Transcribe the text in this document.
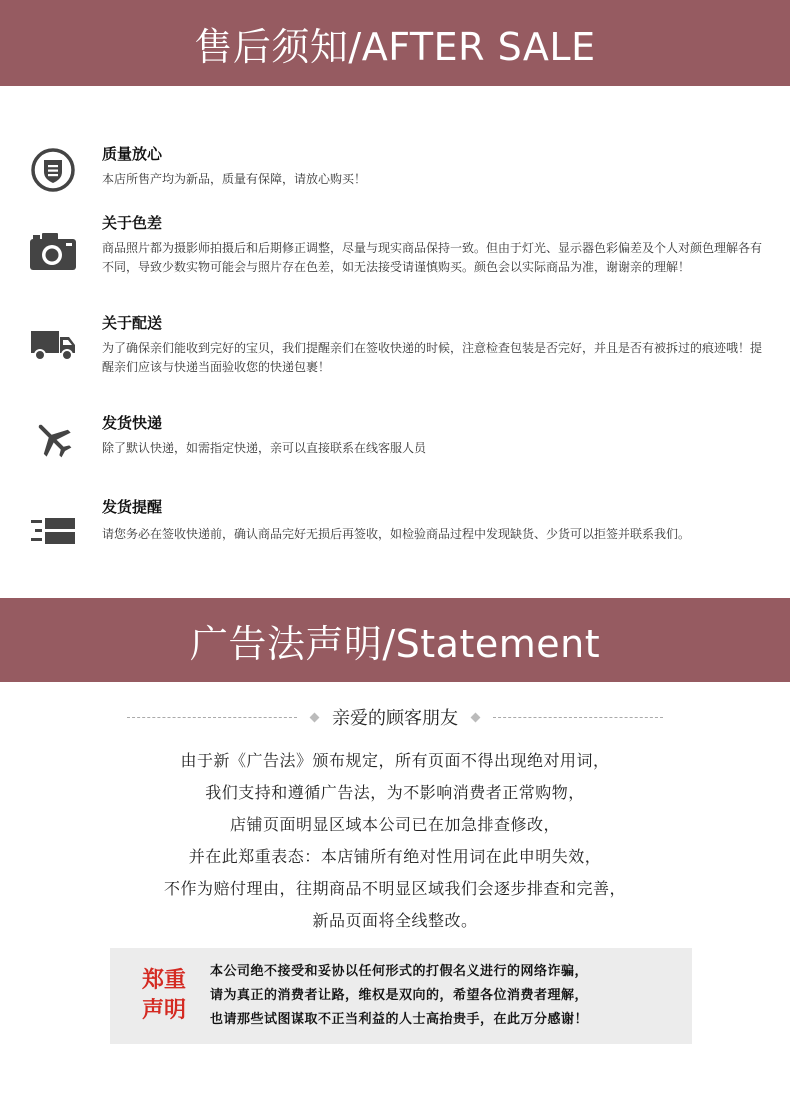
售后须知/AFTER SALE
质量放心
本店所售产均为新品，质量有保障，请放心购买！
关于色差
商品照片都为摄影师拍摄后和后期修正调整，尽量与现实商品保持一致。但由于灯光、显示器色彩偏差及个人对颜色理解各有不同，导致少数实物可能会与照片存在色差，如无法接受请谨慎购买。颜色会以实际商品为准，谢谢亲的理解！
关于配送
为了确保亲们能收到完好的宝贝，我们提醒亲们在签收快递的时候，注意检查包装是否完好，并且是否有被拆过的痕迹哦！提醒亲们应该与快递当面验收您的快递包裹！
发货快递
除了默认快递，如需指定快递，亲可以直接联系在线客服人员
发货提醒
请您务必在签收快递前，确认商品完好无损后再签收，如检验商品过程中发现缺货、少货可以拒签并联系我们。
广告法声明/Statement
亲爱的顾客朋友
由于新《广告法》颁布规定，所有页面不得出现绝对用词，
我们支持和遵循广告法，为不影响消费者正常购物，
店铺页面明显区域本公司已在加急排查修改，
并在此郑重表态：本店铺所有绝对性用词在此申明失效，
不作为赔付理由，往期商品不明显区域我们会逐步排查和完善，
新品页面将全线整改。
郑重
声明
本公司绝不接受和妥协以任何形式的打假名义进行的网络诈骗，
请为真正的消费者让路，维权是双向的，希望各位消费者理解，
也请那些试图谋取不正当利益的人士高抬贵手，在此万分感谢！
